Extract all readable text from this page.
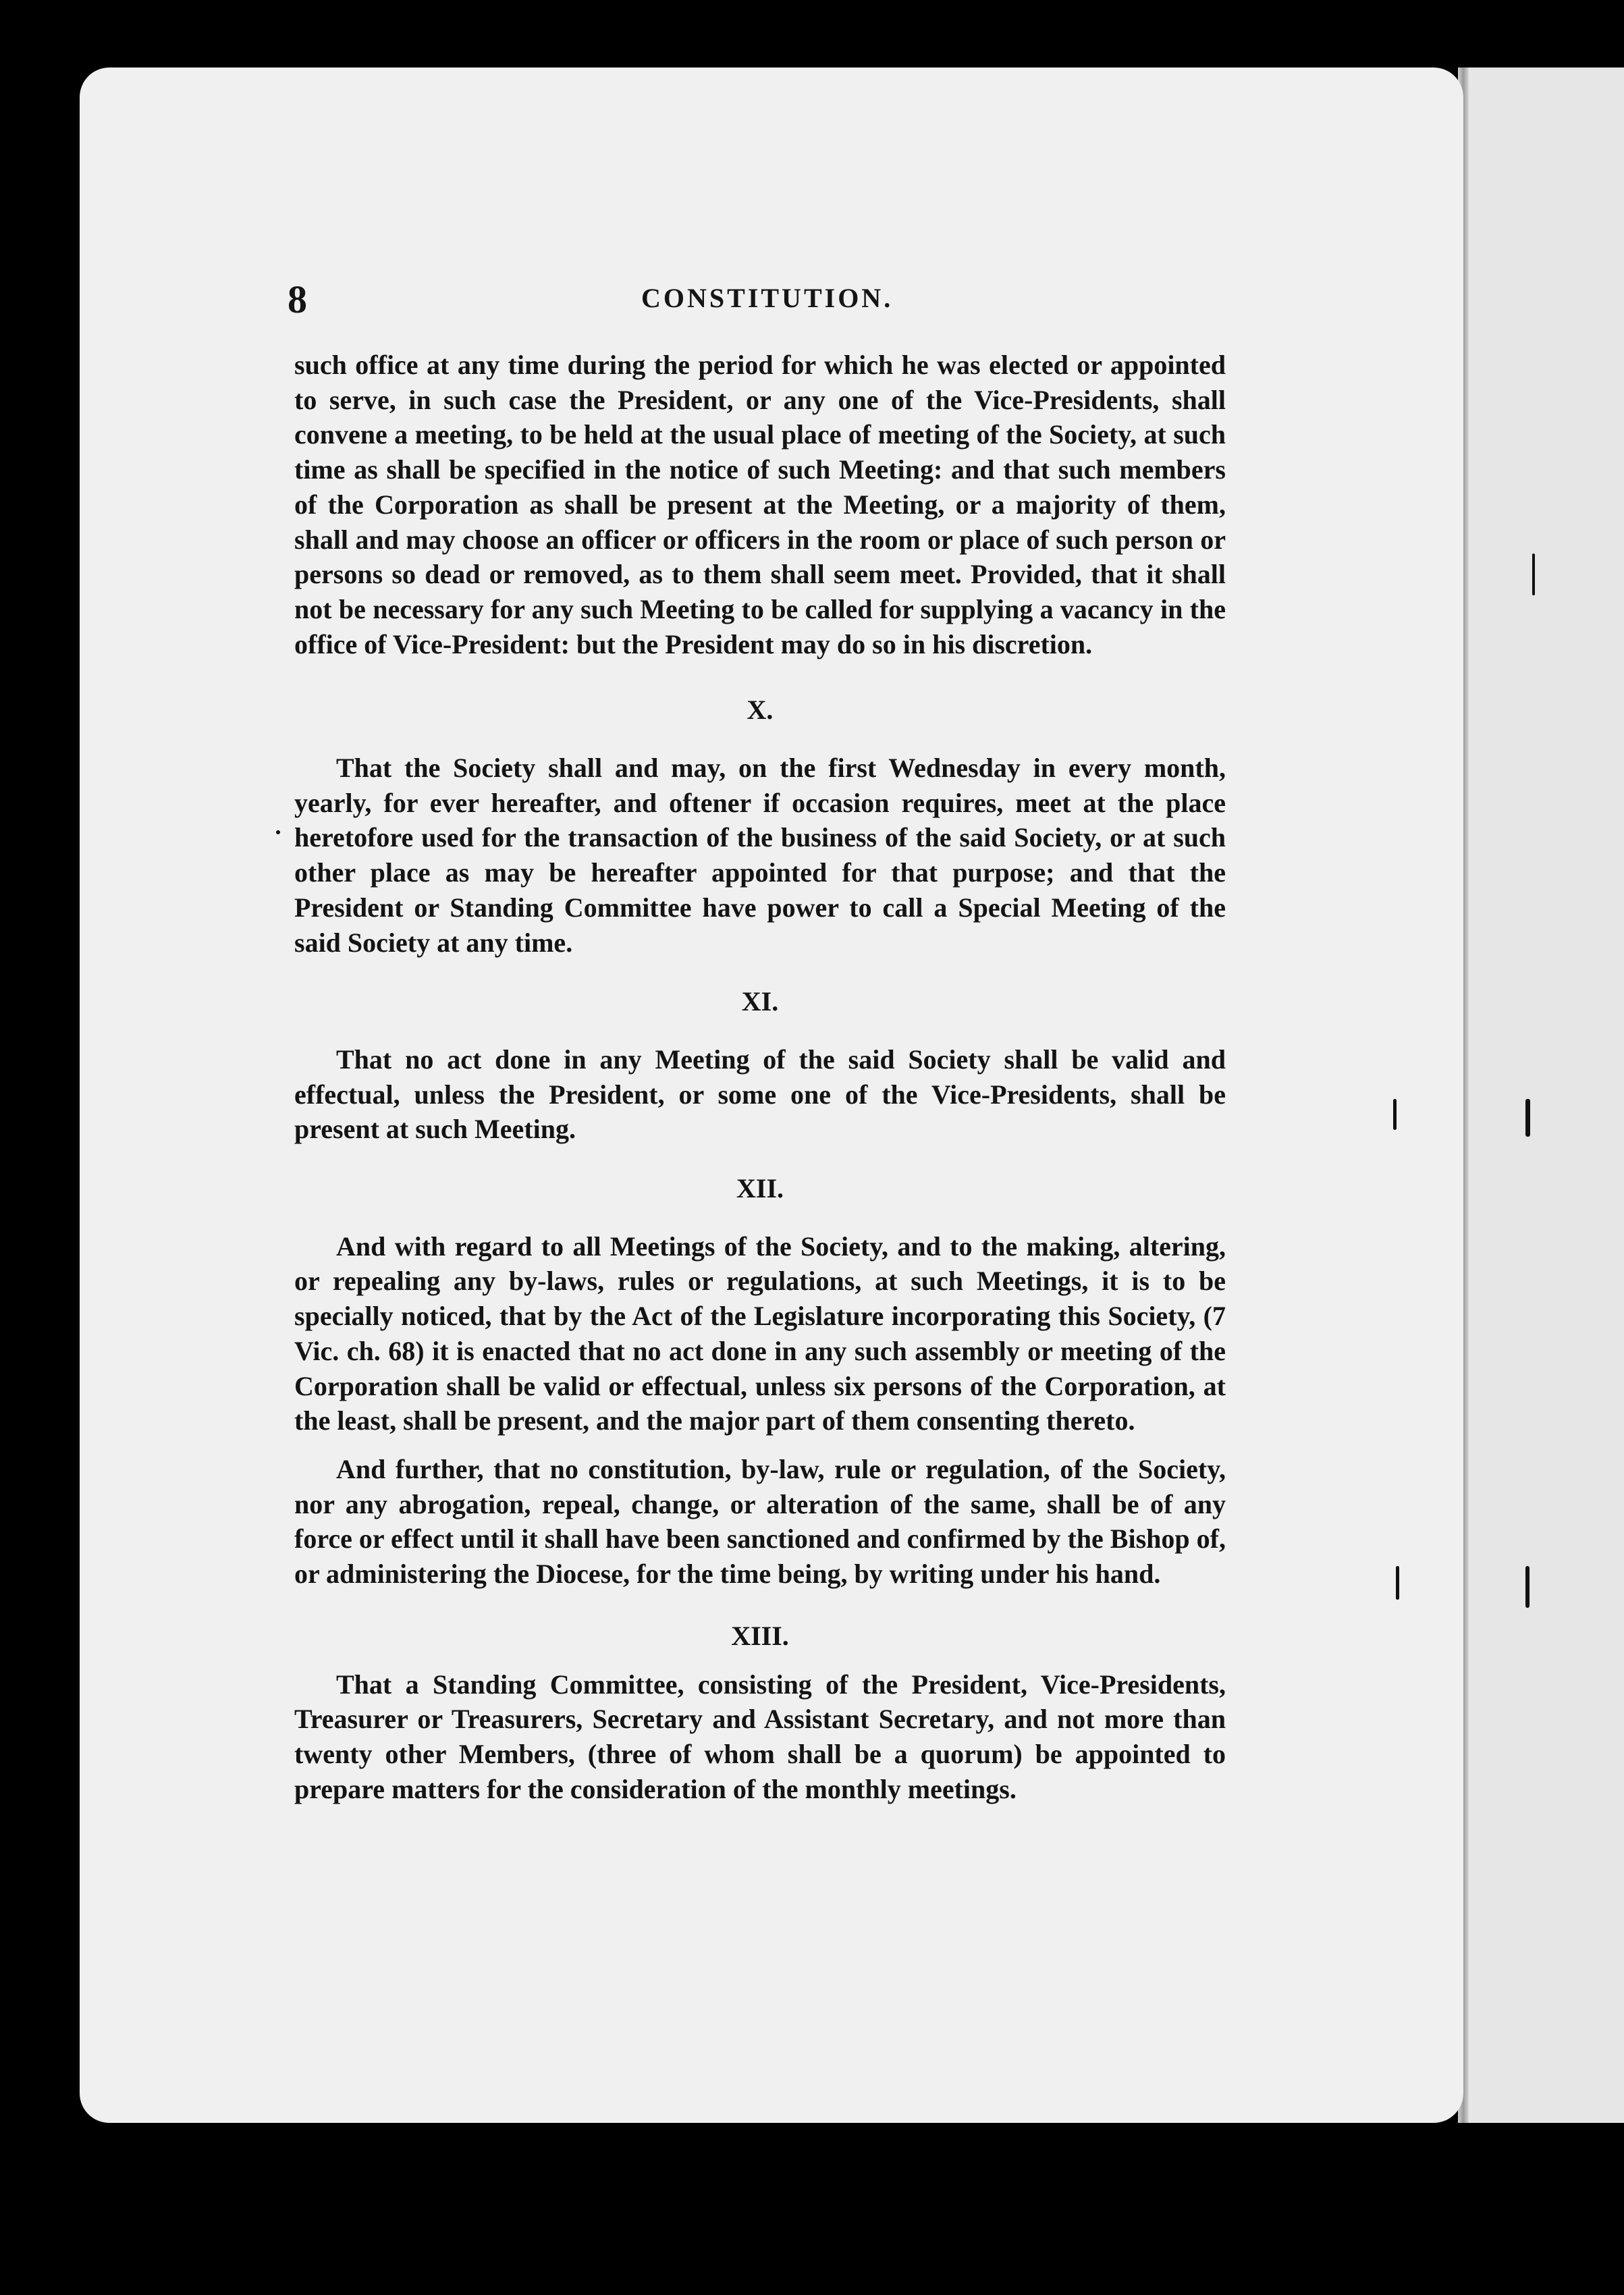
8	CONSTITUTION.

such office at any time during the period for which he was elected or appointed to serve, in such case the President, or any one of the Vice-Presidents, shall convene a meeting, to be held at the usual place of meeting of the Society, at such time as shall be specified in the notice of such Meeting: and that such members of the Corporation as shall be present at the Meeting, or a majority of them, shall and may choose an officer or officers in the room or place of such person or persons so dead or removed, as to them shall seem meet. Provided, that it shall not be necessary for any such Meeting to be called for supplying a vacancy in the office of Vice-President: but the President may do so in his discretion.

X.

That the Society shall and may, on the first Wednesday in every month, yearly, for ever hereafter, and oftener if occasion requires, meet at the place heretofore used for the transaction of the business of the said Society, or at such other place as may be hereafter appointed for that purpose; and that the President or Standing Committee have power to call a Special Meeting of the said Society at any time.

XI.

That no act done in any Meeting of the said Society shall be valid and effectual, unless the President, or some one of the Vice-Presidents, shall be present at such Meeting.

XII.

And with regard to all Meetings of the Society, and to the making, altering, or repealing any by-laws, rules or regulations, at such Meetings, it is to be specially noticed, that by the Act of the Legislature incorporating this Society, (7 Vic. ch. 68) it is enacted that no act done in any such assembly or meeting of the Corporation shall be valid or effectual, unless six persons of the Corporation, at the least, shall be present, and the major part of them consenting thereto.

And further, that no constitution, by-law, rule or regulation, of the Society, nor any abrogation, repeal, change, or alteration of the same, shall be of any force or effect until it shall have been sanctioned and confirmed by the Bishop of, or administering the Diocese, for the time being, by writing under his hand.

XIII.

That a Standing Committee, consisting of the President, Vice-Presidents, Treasurer or Treasurers, Secretary and Assistant Secretary, and not more than twenty other Members, (three of whom shall be a quorum) be appointed to prepare matters for the consideration of the monthly meetings.
